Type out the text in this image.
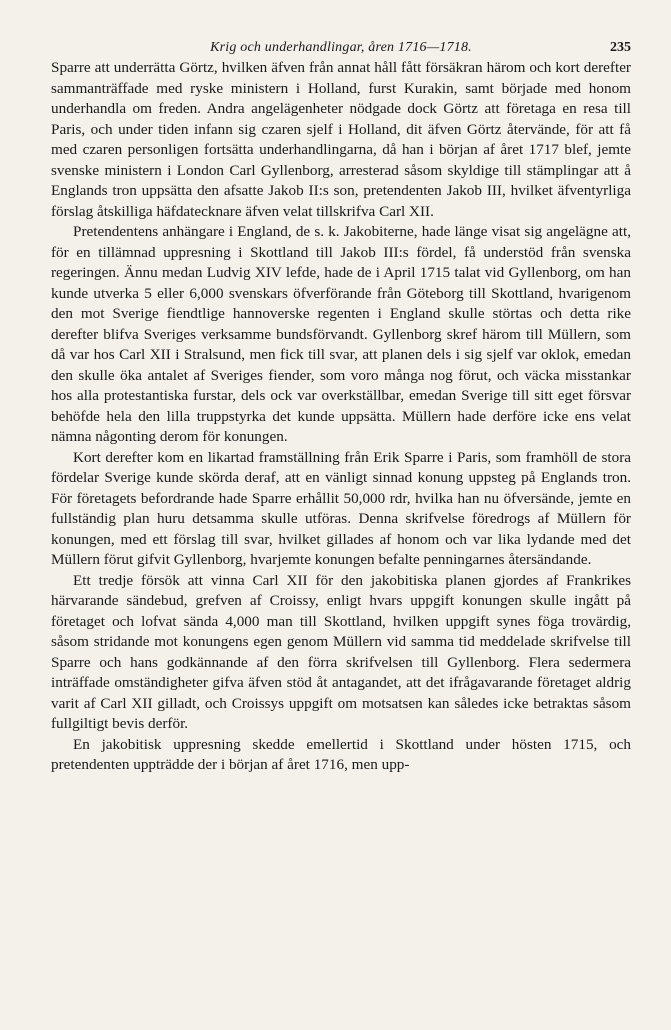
Krig och underhandlingar, åren 1716—1718.	235

Sparre att underrätta Görtz, hvilken äfven från annat håll fått försäkran härom och kort derefter sammanträffade med ryske ministern i Holland, furst Kurakin, samt började med honom underhandla om freden. Andra angelägenheter nödgade dock Görtz att företaga en resa till Paris, och under tiden infann sig czaren sjelf i Holland, dit äfven Görtz återvände, för att få med czaren personligen fortsätta underhandlingarna, då han i början af året 1717 blef, jemte svenske ministern i London Carl Gyllenborg, arresterad såsom skyldige till stämplingar att å Englands tron uppsätta den afsatte Jakob II:s son, pretendenten Jakob III, hvilket äfventyrliga förslag åtskilliga häfdatecknare äfven velat tillskrifva Carl XII.

Pretendentens anhängare i England, de s. k. Jakobiterne, hade länge visat sig angelägne att, för en tillämnad uppresning i Skottland till Jakob III:s fördel, få understöd från svenska regeringen. Ännu medan Ludvig XIV lefde, hade de i April 1715 talat vid Gyllenborg, om han kunde utverka 5 eller 6,000 svenskars öfverförande från Göteborg till Skottland, hvarigenom den mot Sverige fiendtlige hannoverske regenten i England skulle störtas och detta rike derefter blifva Sveriges verksamme bundsförvandt. Gyllenborg skref härom till Müllern, som då var hos Carl XII i Stralsund, men fick till svar, att planen dels i sig sjelf var oklok, emedan den skulle öka antalet af Sveriges fiender, som voro många nog förut, och väcka misstankar hos alla protestantiska furstar, dels ock var overkställbar, emedan Sverige till sitt eget försvar behöfde hela den lilla truppstyrka det kunde uppsätta. Müllern hade derföre icke ens velat nämna någonting derom för konungen.

Kort derefter kom en likartad framställning från Erik Sparre i Paris, som framhöll de stora fördelar Sverige kunde skörda deraf, att en vänligt sinnad konung uppsteg på Englands tron. För företagets befordrande hade Sparre erhållit 50,000 rdr, hvilka han nu öfversände, jemte en fullständig plan huru detsamma skulle utföras. Denna skrifvelse föredrogs af Müllern för konungen, med ett förslag till svar, hvilket gillades af honom och var lika lydande med det Müllern förut gifvit Gyllenborg, hvarjemte konungen befalte penningarnes återsändande.

Ett tredje försök att vinna Carl XII för den jakobitiska planen gjordes af Frankrikes härvarande sändebud, grefven af Croissy, enligt hvars uppgift konungen skulle ingått på företaget och lofvat sända 4,000 man till Skottland, hvilken uppgift synes föga trovärdig, såsom stridande mot konungens egen genom Müllern vid samma tid meddelade skrifvelse till Sparre och hans godkännande af den förra skrifvelsen till Gyllenborg. Flera sedermera inträffade omständigheter gifva äfven stöd åt antagandet, att det ifrågavarande företaget aldrig varit af Carl XII gilladt, och Croissys uppgift om motsatsen kan således icke betraktas såsom fullgiltigt bevis derför.

En jakobitisk uppresning skedde emellertid i Skottland under hösten 1715, och pretendenten uppträdde der i början af året 1716, men upp-
